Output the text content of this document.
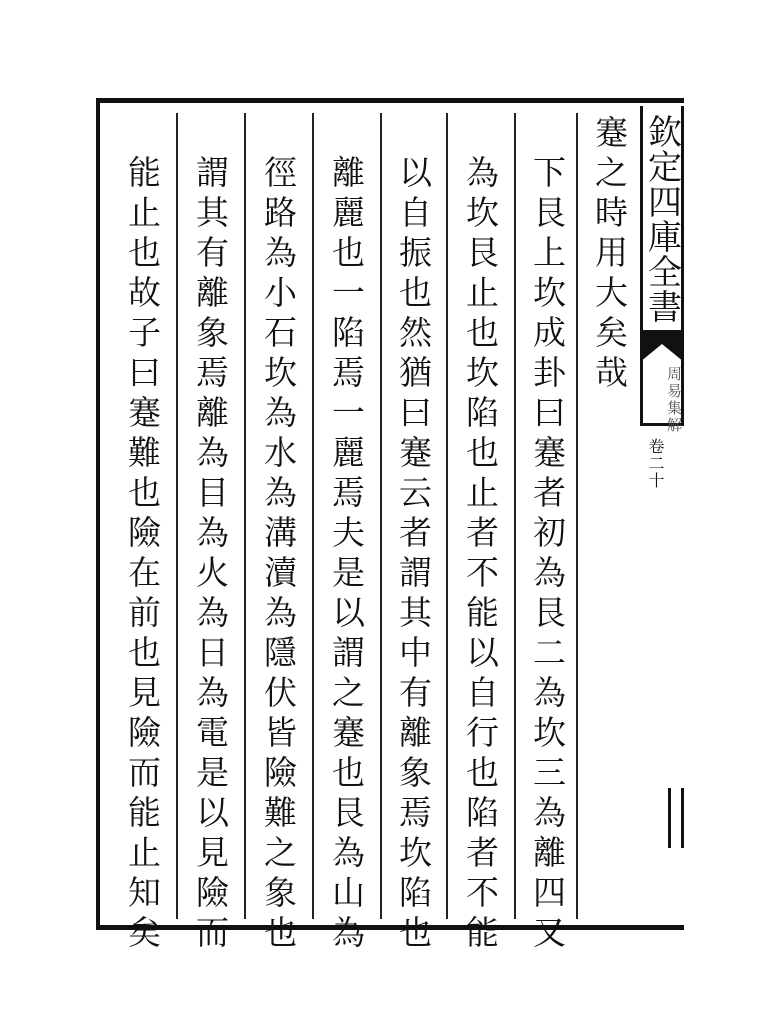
蹇之時用大矣哉
下艮上坎成卦曰蹇者初為艮二為坎三為離四又
為坎艮止也坎陷也止者不能以自行也陷者不能
以自振也然猶曰蹇云者謂其中有離象焉坎陷也
離麗也一陷焉一麗焉夫是以謂之蹇也艮為山為
徑路為小石坎為水為溝瀆為隱伏皆險難之象也
謂其有離象焉離為目為火為日為電是以見險而
能止也故子曰蹇難也險在前也見險而能止知矣	欽定四庫全書
周易集解
卷二十
